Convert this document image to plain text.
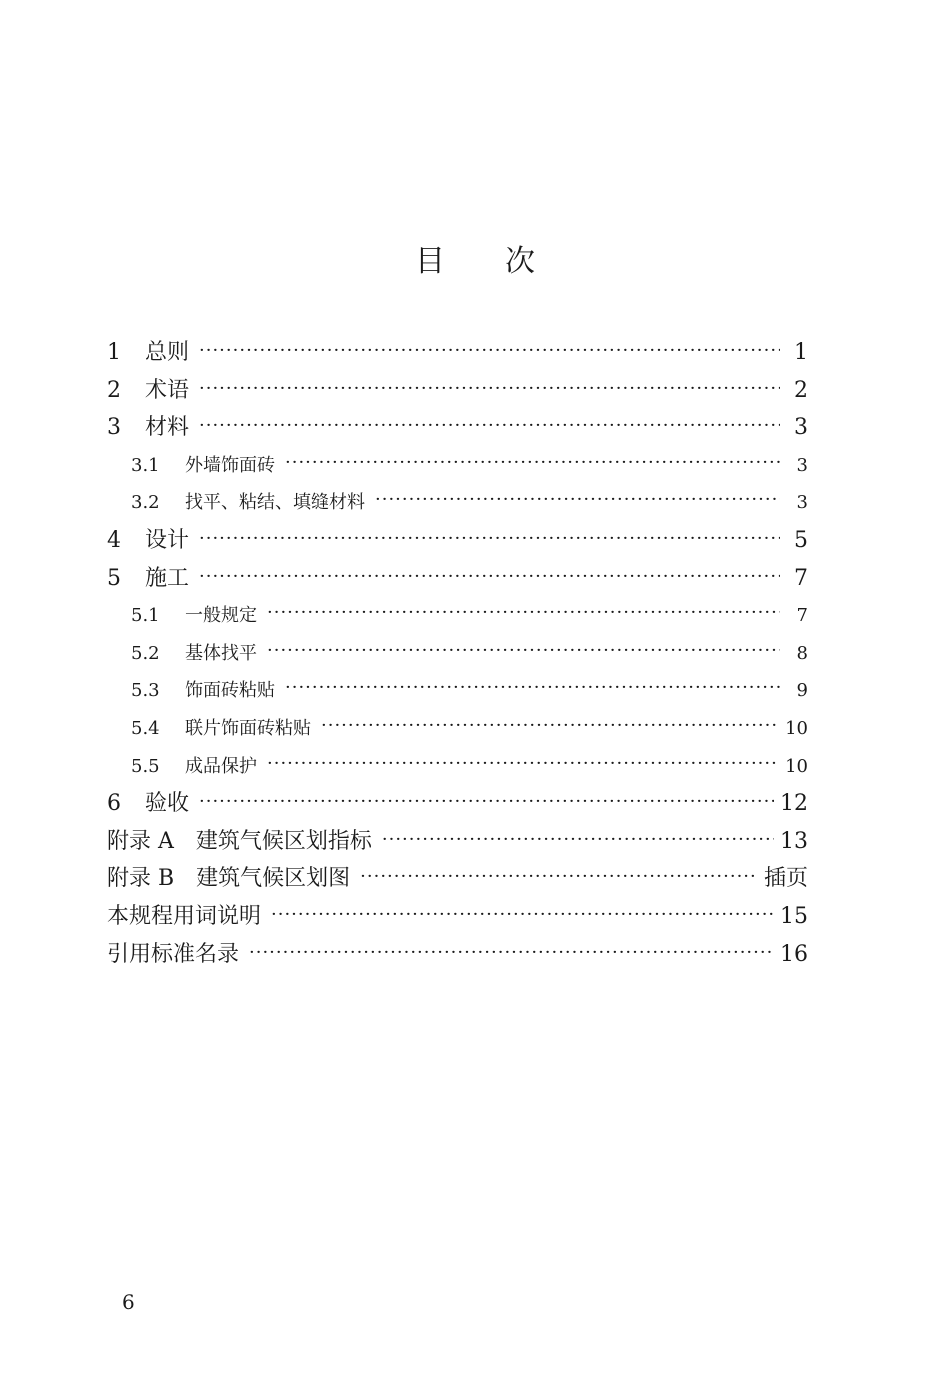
目 次
1	总则 ·····	1
2	术语 ·····	2
3	材料 ·····	3
3.1	外墙饰面砖 ·····	3
3.2	找平、粘结、填缝材料 ·····	3
4	设计 ·····	5
5	施工 ·····	7
5.1	一般规定 ·····	7
5.2	基体找平 ·····	8
5.3	饰面砖粘贴 ·····	9
5.4	联片饰面砖粘贴 ·····	10
5.5	成品保护 ·····	10
6	验收 ·····	12
附录 A　建筑气候区划指标 ·····	13
附录 B　建筑气候区划图 ·····	插页
本规程用词说明 ·····	15
引用标准名录 ·····	16
6
